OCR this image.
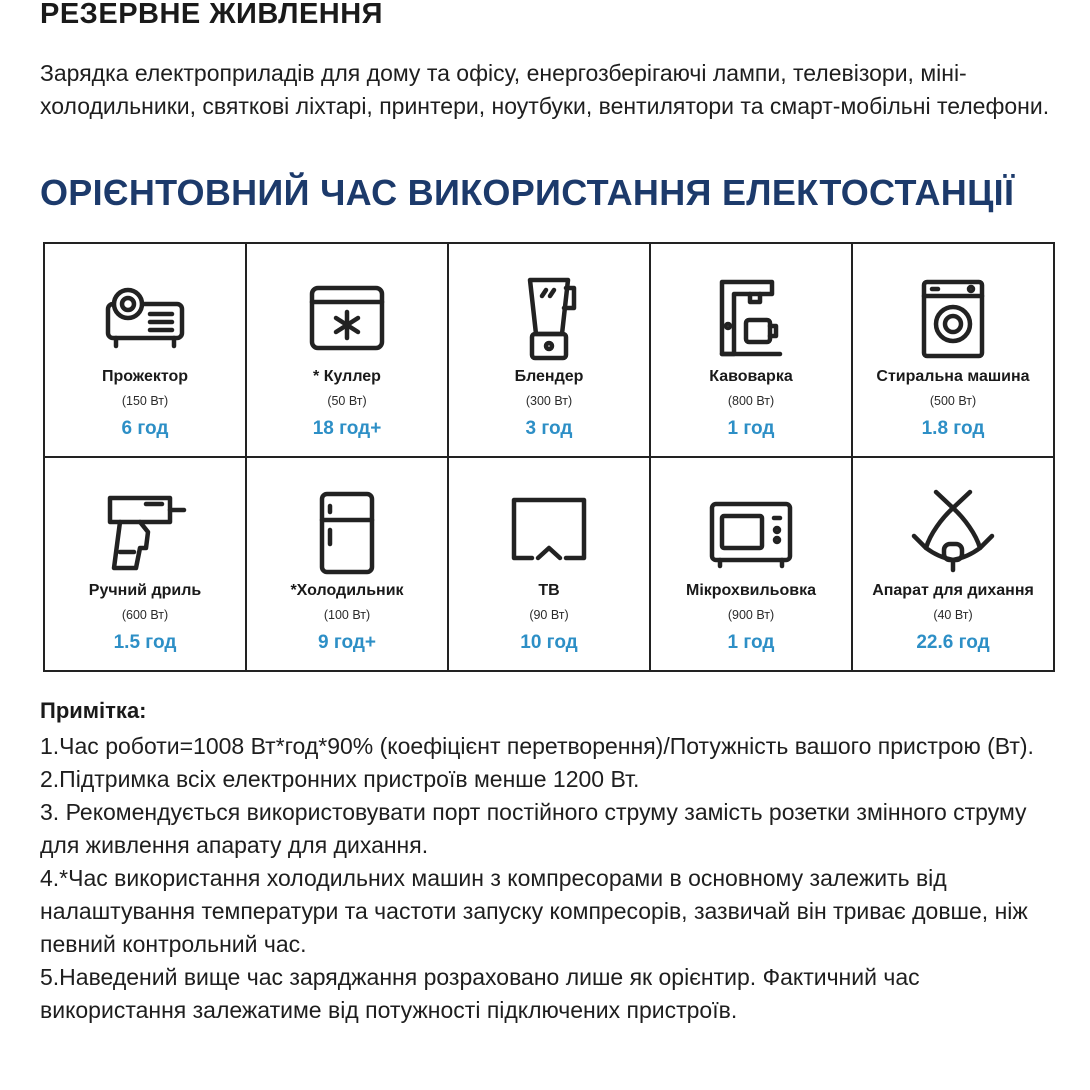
РЕЗЕРВНЕ ЖИВЛЕННЯ
Зарядка електроприладів для дому та офісу, енергозберігаючі лампи, телевізори, міні-холодильники, святкові ліхтарі, принтери, ноутбуки, вентилятори та смарт-мобільні телефони.
ОРІЄНТОВНИЙ ЧАС ВИКОРИСТАННЯ ЕЛЕКТОСТАНЦІЇ
Прожектор
(150 Вт)
6 год
* Куллер
(50 Вт)
18 год+
Блендер
(300 Вт)
3 год
Кавоварка
(800 Вт)
1 год
Стиральна машина
(500 Вт)
1.8 год
Ручний дриль
(600 Вт)
1.5 год
*Холодильник
(100 Вт)
9 год+
ТВ
(90 Вт)
10 год
Мікрохвильовка
(900 Вт)
1 год
Апарат для дихання
(40 Вт)
22.6 год
Примітка:
1.Час роботи=1008 Вт*год*90% (коефіцієнт перетворення)/Потужність вашого пристрою (Вт).
2.Підтримка всіх електронних пристроїв менше 1200 Вт.
3. Рекомендується використовувати порт постійного струму замість розетки змінного струму для живлення апарату для дихання.
4.*Час використання холодильних машин з компресорами в основному залежить від налаштування температури та частоти запуску компресорів, зазвичай він триває довше, ніж певний контрольний час.
5.Наведений вище час заряджання розраховано лише як орієнтир. Фактичний час використання залежатиме від потужності підключених пристроїв.
